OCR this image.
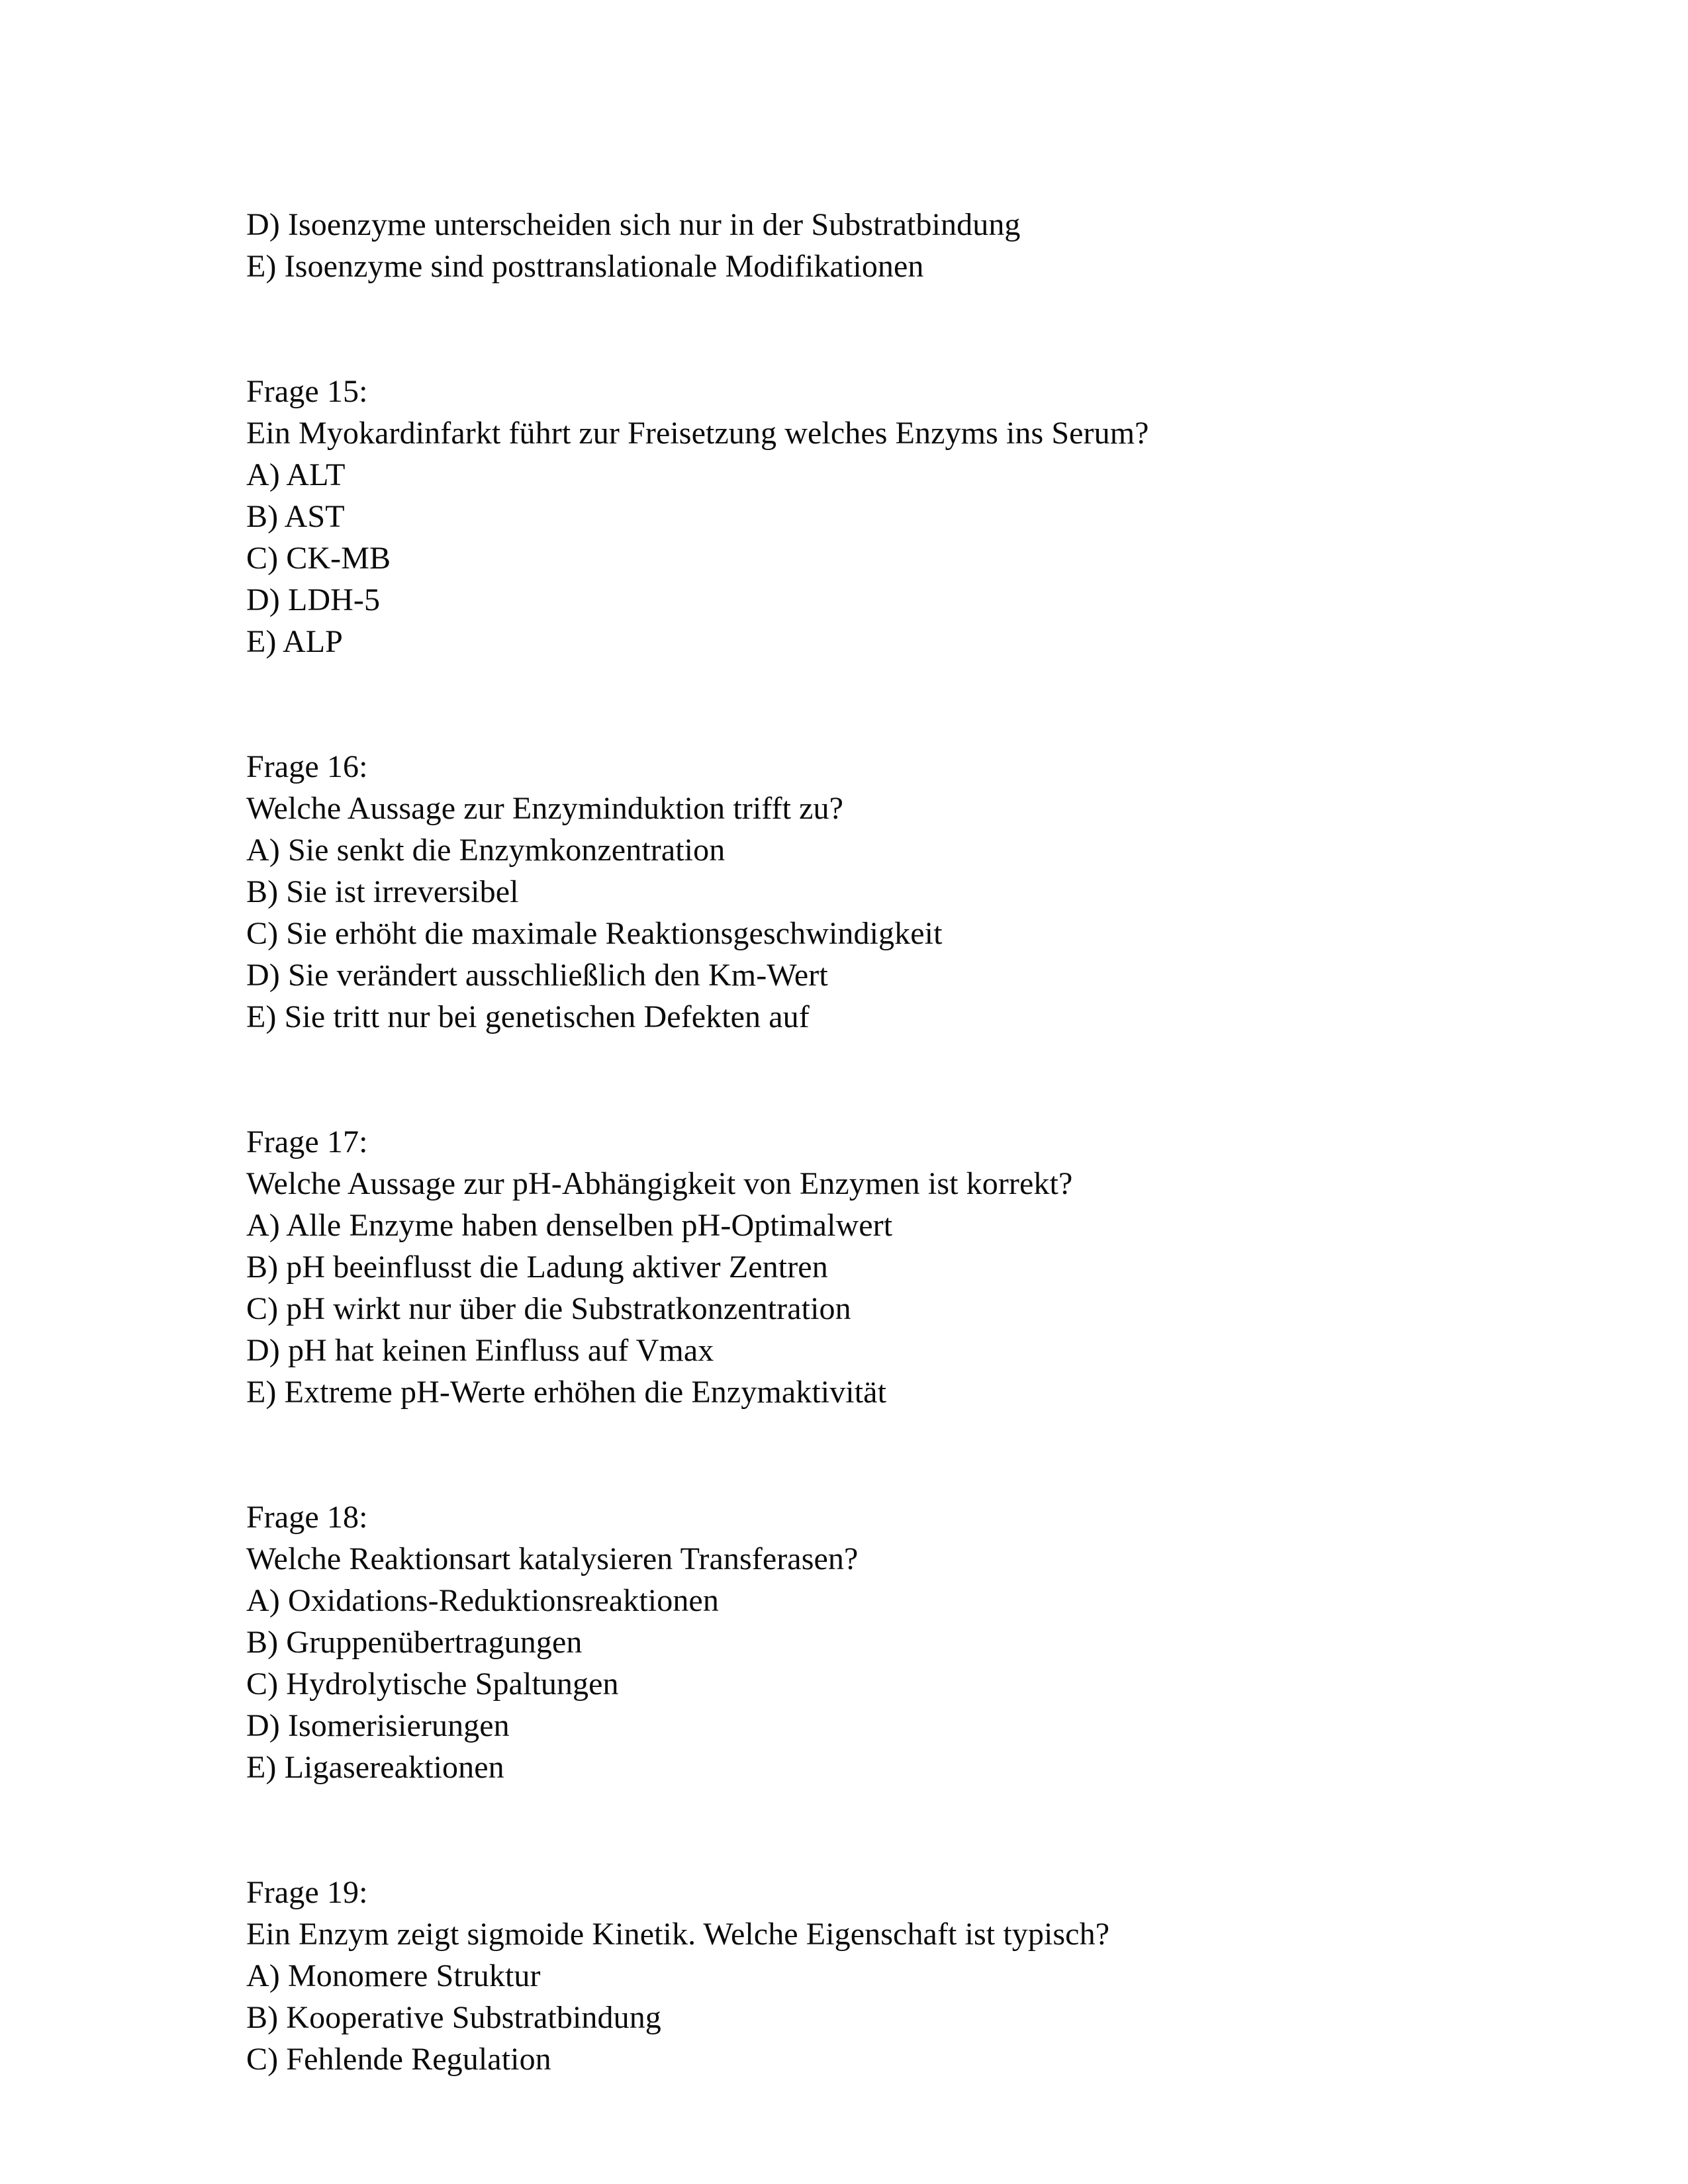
D) Isoenzyme unterscheiden sich nur in der Substratbindung
E) Isoenzyme sind posttranslationale Modifikationen
Frage 15:
Ein Myokardinfarkt führt zur Freisetzung welches Enzyms ins Serum?
A) ALT
B) AST
C) CK-MB
D) LDH-5
E) ALP
Frage 16:
Welche Aussage zur Enzyminduktion trifft zu?
A) Sie senkt die Enzymkonzentration
B) Sie ist irreversibel
C) Sie erhöht die maximale Reaktionsgeschwindigkeit
D) Sie verändert ausschließlich den Km-Wert
E) Sie tritt nur bei genetischen Defekten auf
Frage 17:
Welche Aussage zur pH-Abhängigkeit von Enzymen ist korrekt?
A) Alle Enzyme haben denselben pH-Optimalwert
B) pH beeinflusst die Ladung aktiver Zentren
C) pH wirkt nur über die Substratkonzentration
D) pH hat keinen Einfluss auf Vmax
E) Extreme pH-Werte erhöhen die Enzymaktivität
Frage 18:
Welche Reaktionsart katalysieren Transferasen?
A) Oxidations-Reduktionsreaktionen
B) Gruppenübertragungen
C) Hydrolytische Spaltungen
D) Isomerisierungen
E) Ligasereaktionen
Frage 19:
Ein Enzym zeigt sigmoide Kinetik. Welche Eigenschaft ist typisch?
A) Monomere Struktur
B) Kooperative Substratbindung
C) Fehlende Regulation
